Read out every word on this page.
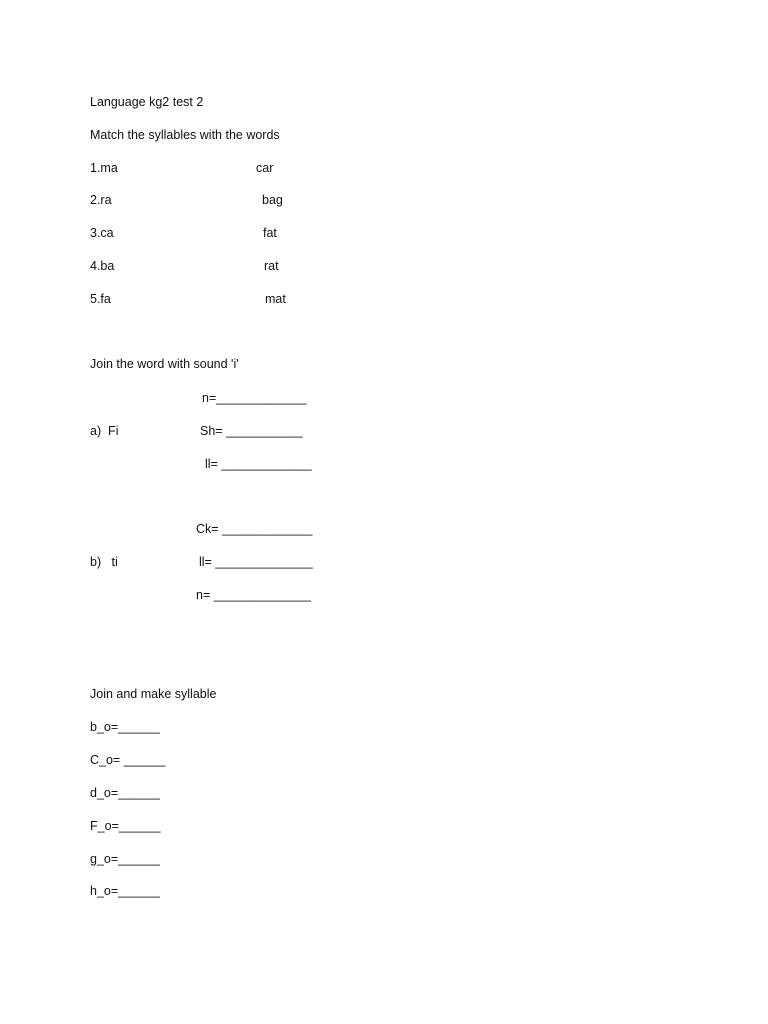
Language kg2 test 2
Match the syllables with the words
1.ma	car
2.ra	bag
3.ca	fat
4.ba	rat
5.fa	mat
Join the word with sound 'i'
n=_____________
a)  Fi	Sh= ___________
ll= _____________
Ck= _____________
b)   ti	ll= ______________
n= ______________
Join and make syllable
b_o=______
C_o= ______
d_o=______
F_o=______
g_o=______
h_o=______
